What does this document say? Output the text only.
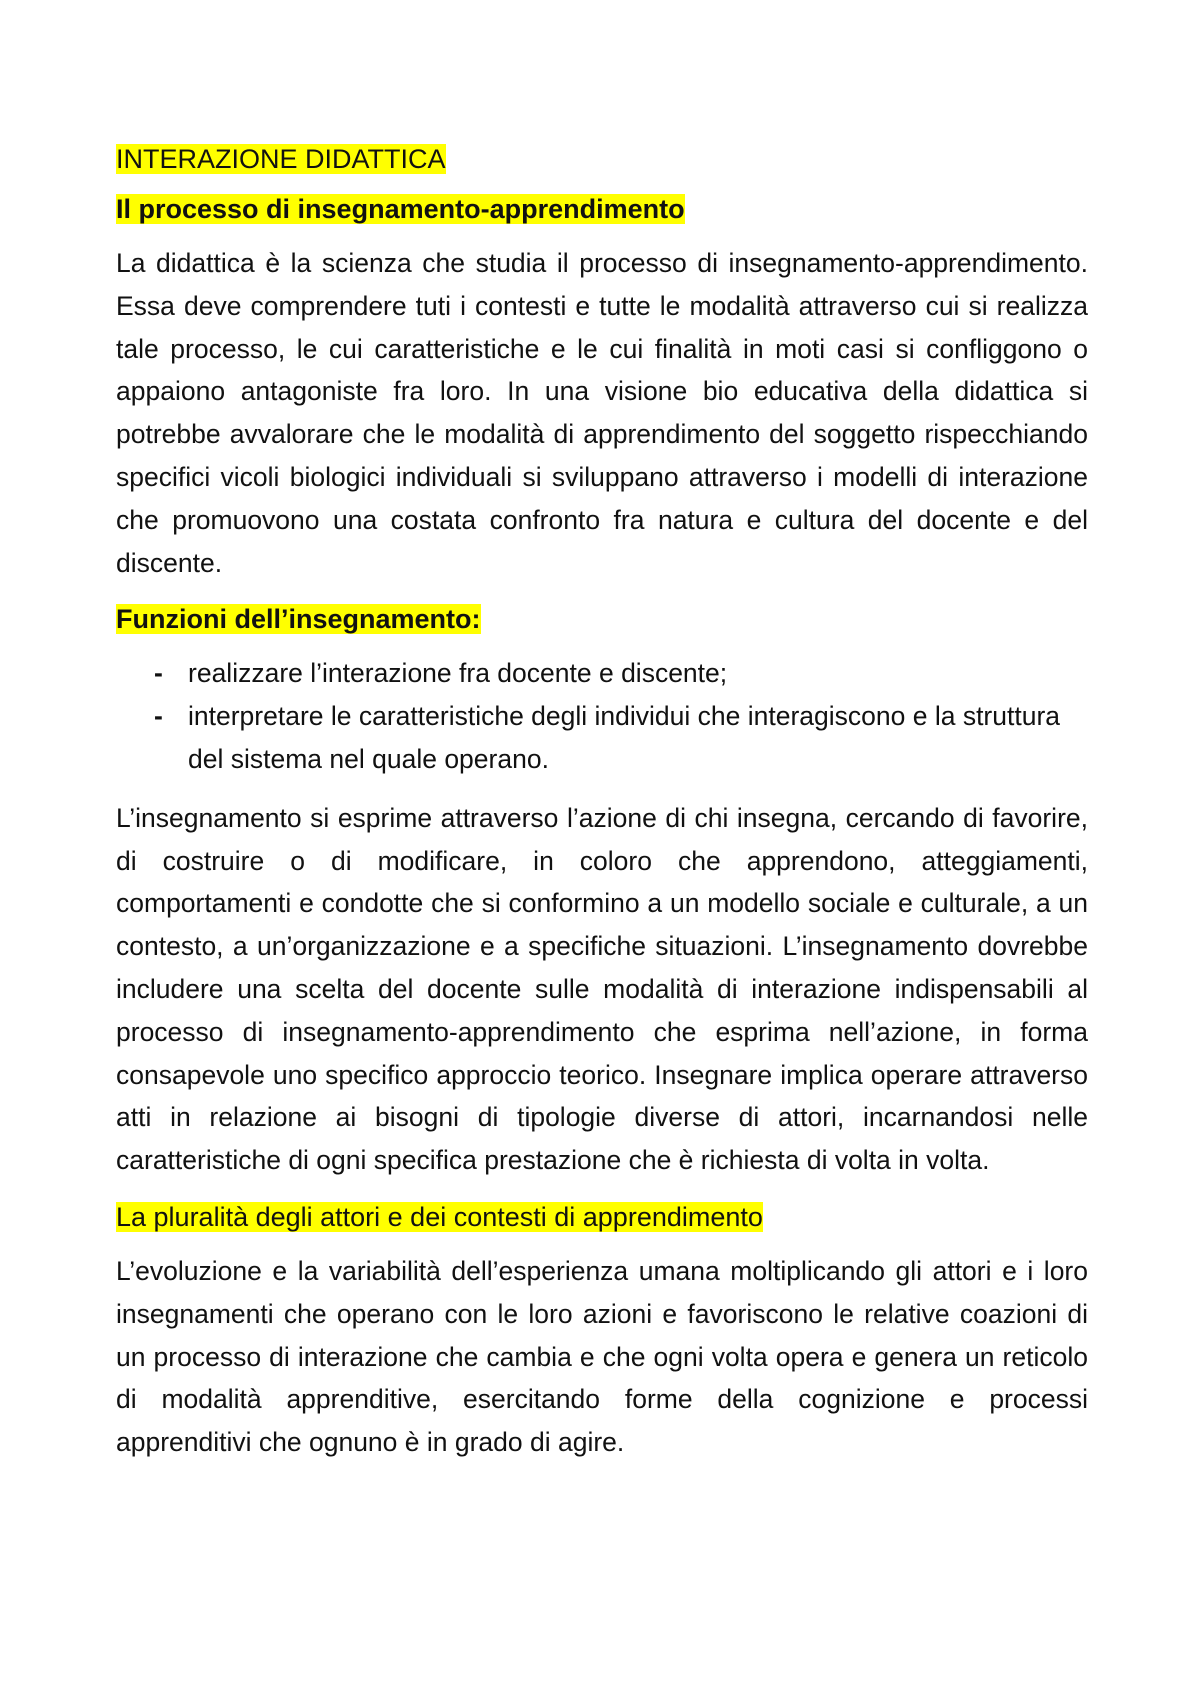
INTERAZIONE DIDATTICA
Il processo di insegnamento-apprendimento

La didattica è la scienza che studia il processo di insegnamento-apprendimento. Essa deve comprendere tuti i contesti e tutte le modalità attraverso cui si realizza tale processo, le cui caratteristiche e le cui finalità in moti casi si confliggono o appaiono antagoniste fra loro. In una visione bio educativa della didattica si potrebbe avvalorare che le modalità di apprendimento del soggetto rispecchiando specifici vicoli biologici individuali si sviluppano attraverso i modelli di interazione che promuovono una costata confronto fra natura e cultura del docente e del discente.

Funzioni dell’insegnamento:
- realizzare l’interazione fra docente e discente;
- interpretare le caratteristiche degli individui che interagiscono e la struttura del sistema nel quale operano.

L’insegnamento si esprime attraverso l’azione di chi insegna, cercando di favorire, di costruire o di modificare, in coloro che apprendono, atteggiamenti, comportamenti e condotte che si conformino a un modello sociale e culturale, a un contesto, a un’organizzazione e a specifiche situazioni. L’insegnamento dovrebbe includere una scelta del docente sulle modalità di interazione indispensabili al processo di insegnamento-apprendimento che esprima nell’azione, in forma consapevole uno specifico approccio teorico. Insegnare implica operare attraverso atti in relazione ai bisogni di tipologie diverse di attori, incarnandosi nelle caratteristiche di ogni specifica prestazione che è richiesta di volta in volta.

La pluralità degli attori e dei contesti di apprendimento

L’evoluzione e la variabilità dell’esperienza umana moltiplicando gli attori e i loro insegnamenti che operano con le loro azioni e favoriscono le relative coazioni di un processo di interazione che cambia e che ogni volta opera e genera un reticolo di modalità apprenditive, esercitando forme della cognizione e processi apprenditivi che ognuno è in grado di agire.
